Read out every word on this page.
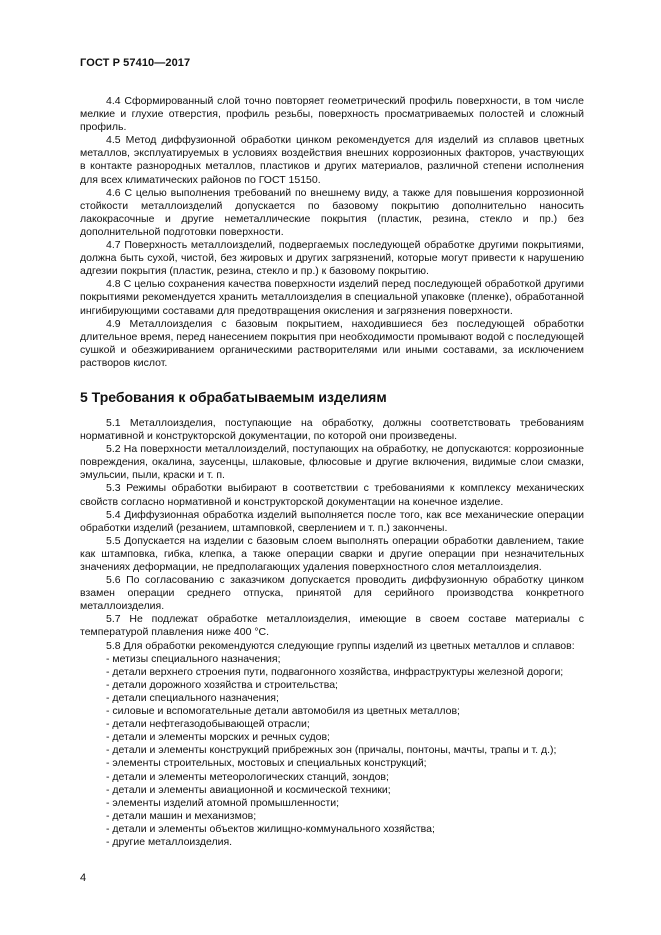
ГОСТ Р 57410—2017

4.4 Сформированный слой точно повторяет геометрический профиль поверхности, в том числе мелкие и глухие отверстия, профиль резьбы, поверхность просматриваемых полостей и сложный профиль.

4.5 Метод диффузионной обработки цинком рекомендуется для изделий из сплавов цветных металлов, эксплуатируемых в условиях воздействия внешних коррозионных факторов, участвующих в контакте разнородных металлов, пластиков и других материалов, различной степени исполнения для всех климатических районов по ГОСТ 15150.

4.6 С целью выполнения требований по внешнему виду, а также для повышения коррозионной стойкости металлоизделий допускается по базовому покрытию дополнительно наносить лакокрасочные и другие неметаллические покрытия (пластик, резина, стекло и пр.) без дополнительной подготовки поверхности.

4.7 Поверхность металлоизделий, подвергаемых последующей обработке другими покрытиями, должна быть сухой, чистой, без жировых и других загрязнений, которые могут привести к нарушению адгезии покрытия (пластик, резина, стекло и пр.) к базовому покрытию.

4.8 С целью сохранения качества поверхности изделий перед последующей обработкой другими покрытиями рекомендуется хранить металлоизделия в специальной упаковке (пленке), обработанной ингибирующими составами для предотвращения окисления и загрязнения поверхности.

4.9 Металлоизделия с базовым покрытием, находившиеся без последующей обработки длительное время, перед нанесением покрытия при необходимости промывают водой с последующей сушкой и обезжириванием органическими растворителями или иными составами, за исключением растворов кислот.

5 Требования к обрабатываемым изделиям

5.1 Металлоизделия, поступающие на обработку, должны соответствовать требованиям нормативной и конструкторской документации, по которой они произведены.

5.2 На поверхности металлоизделий, поступающих на обработку, не допускаются: коррозионные повреждения, окалина, заусенцы, шлаковые, флюсовые и другие включения, видимые слои смазки, эмульсии, пыли, краски и т. п.

5.3 Режимы обработки выбирают в соответствии с требованиями к комплексу механических свойств согласно нормативной и конструкторской документации на конечное изделие.

5.4 Диффузионная обработка изделий выполняется после того, как все механические операции обработки изделий (резанием, штамповкой, сверлением и т. п.) закончены.

5.5 Допускается на изделии с базовым слоем выполнять операции обработки давлением, такие как штамповка, гибка, клепка, а также операции сварки и другие операции при незначительных значениях деформации, не предполагающих удаления поверхностного слоя металлоизделия.

5.6 По согласованию с заказчиком допускается проводить диффузионную обработку цинком взамен операции среднего отпуска, принятой для серийного производства конкретного металлоизделия.

5.7 Не подлежат обработке металлоизделия, имеющие в своем составе материалы с температурой плавления ниже 400 °С.

5.8 Для обработки рекомендуются следующие группы изделий из цветных металлов и сплавов:

- метизы специального назначения;
- детали верхнего строения пути, подвагонного хозяйства, инфраструктуры железной дороги;
- детали дорожного хозяйства и строительства;
- детали специального назначения;
- силовые и вспомогательные детали автомобиля из цветных металлов;
- детали нефтегазодобывающей отрасли;
- детали и элементы морских и речных судов;
- детали и элементы конструкций прибрежных зон (причалы, понтоны, мачты, трапы и т. д.);
- элементы строительных, мостовых и специальных конструкций;
- детали и элементы метеорологических станций, зондов;
- детали и элементы авиационной и космической техники;
- элементы изделий атомной промышленности;
- детали машин и механизмов;
- детали и элементы объектов жилищно-коммунального хозяйства;
- другие металлоизделия.
4
